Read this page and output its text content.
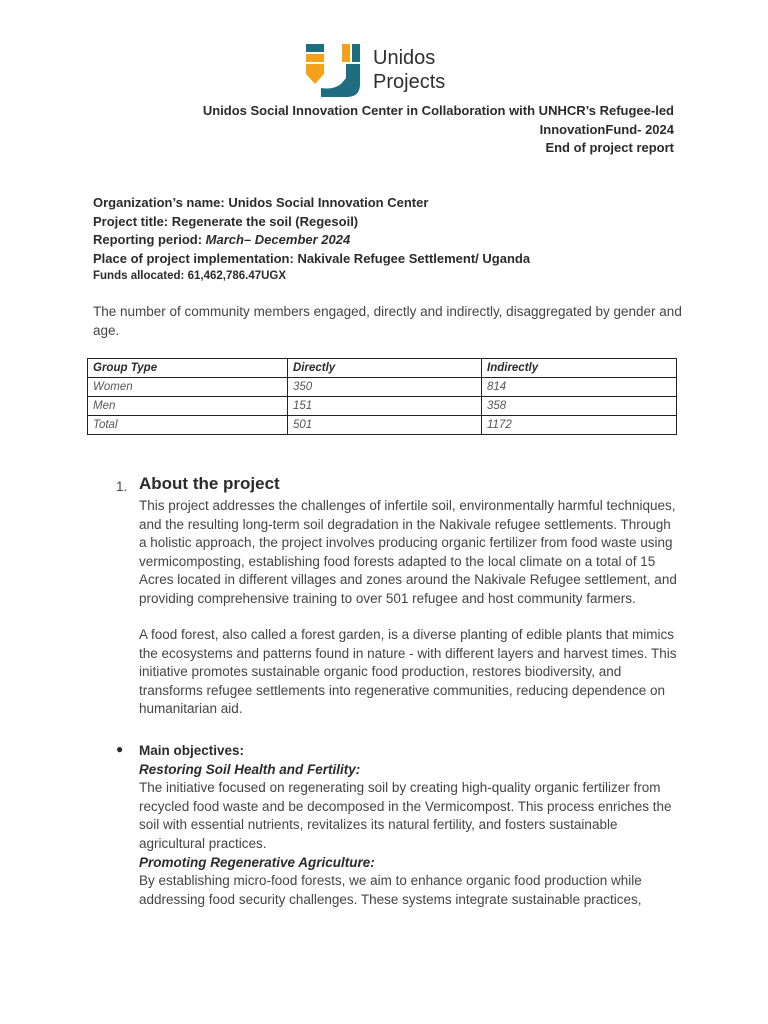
Unidos
Projects
Unidos Social Innovation Center in Collaboration with UNHCR’s Refugee-led
InnovationFund- 2024
End of project report
Organization’s name: Unidos Social Innovation Center
Project title: Regenerate the soil (Regesoil)
Reporting period: March– December 2024
Place of project implementation: Nakivale Refugee Settlement/ Uganda
Funds allocated: 61,462,786.47UGX
The number of community members engaged, directly and indirectly, disaggregated by gender and age.
Group Type	Directly	Indirectly
Women	350	814
Men	151	358
Total	501	1172
1. About the project
This project addresses the challenges of infertile soil, environmentally harmful techniques, and the resulting long-term soil degradation in the Nakivale refugee settlements. Through a holistic approach, the project involves producing organic fertilizer from food waste using vermicomposting, establishing food forests adapted to the local climate on a total of 15 Acres located in different villages and zones around the Nakivale Refugee settlement, and providing comprehensive training to over 501 refugee and host community farmers.
A food forest, also called a forest garden, is a diverse planting of edible plants that mimics the ecosystems and patterns found in nature - with different layers and harvest times. This initiative promotes sustainable organic food production, restores biodiversity, and transforms refugee settlements into regenerative communities, reducing dependence on humanitarian aid.
● Main objectives:
Restoring Soil Health and Fertility:
The initiative focused on regenerating soil by creating high-quality organic fertilizer from recycled food waste and be decomposed in the Vermicompost. This process enriches the soil with essential nutrients, revitalizes its natural fertility, and fosters sustainable agricultural practices.
Promoting Regenerative Agriculture:
By establishing micro-food forests, we aim to enhance organic food production while addressing food security challenges. These systems integrate sustainable practices,
